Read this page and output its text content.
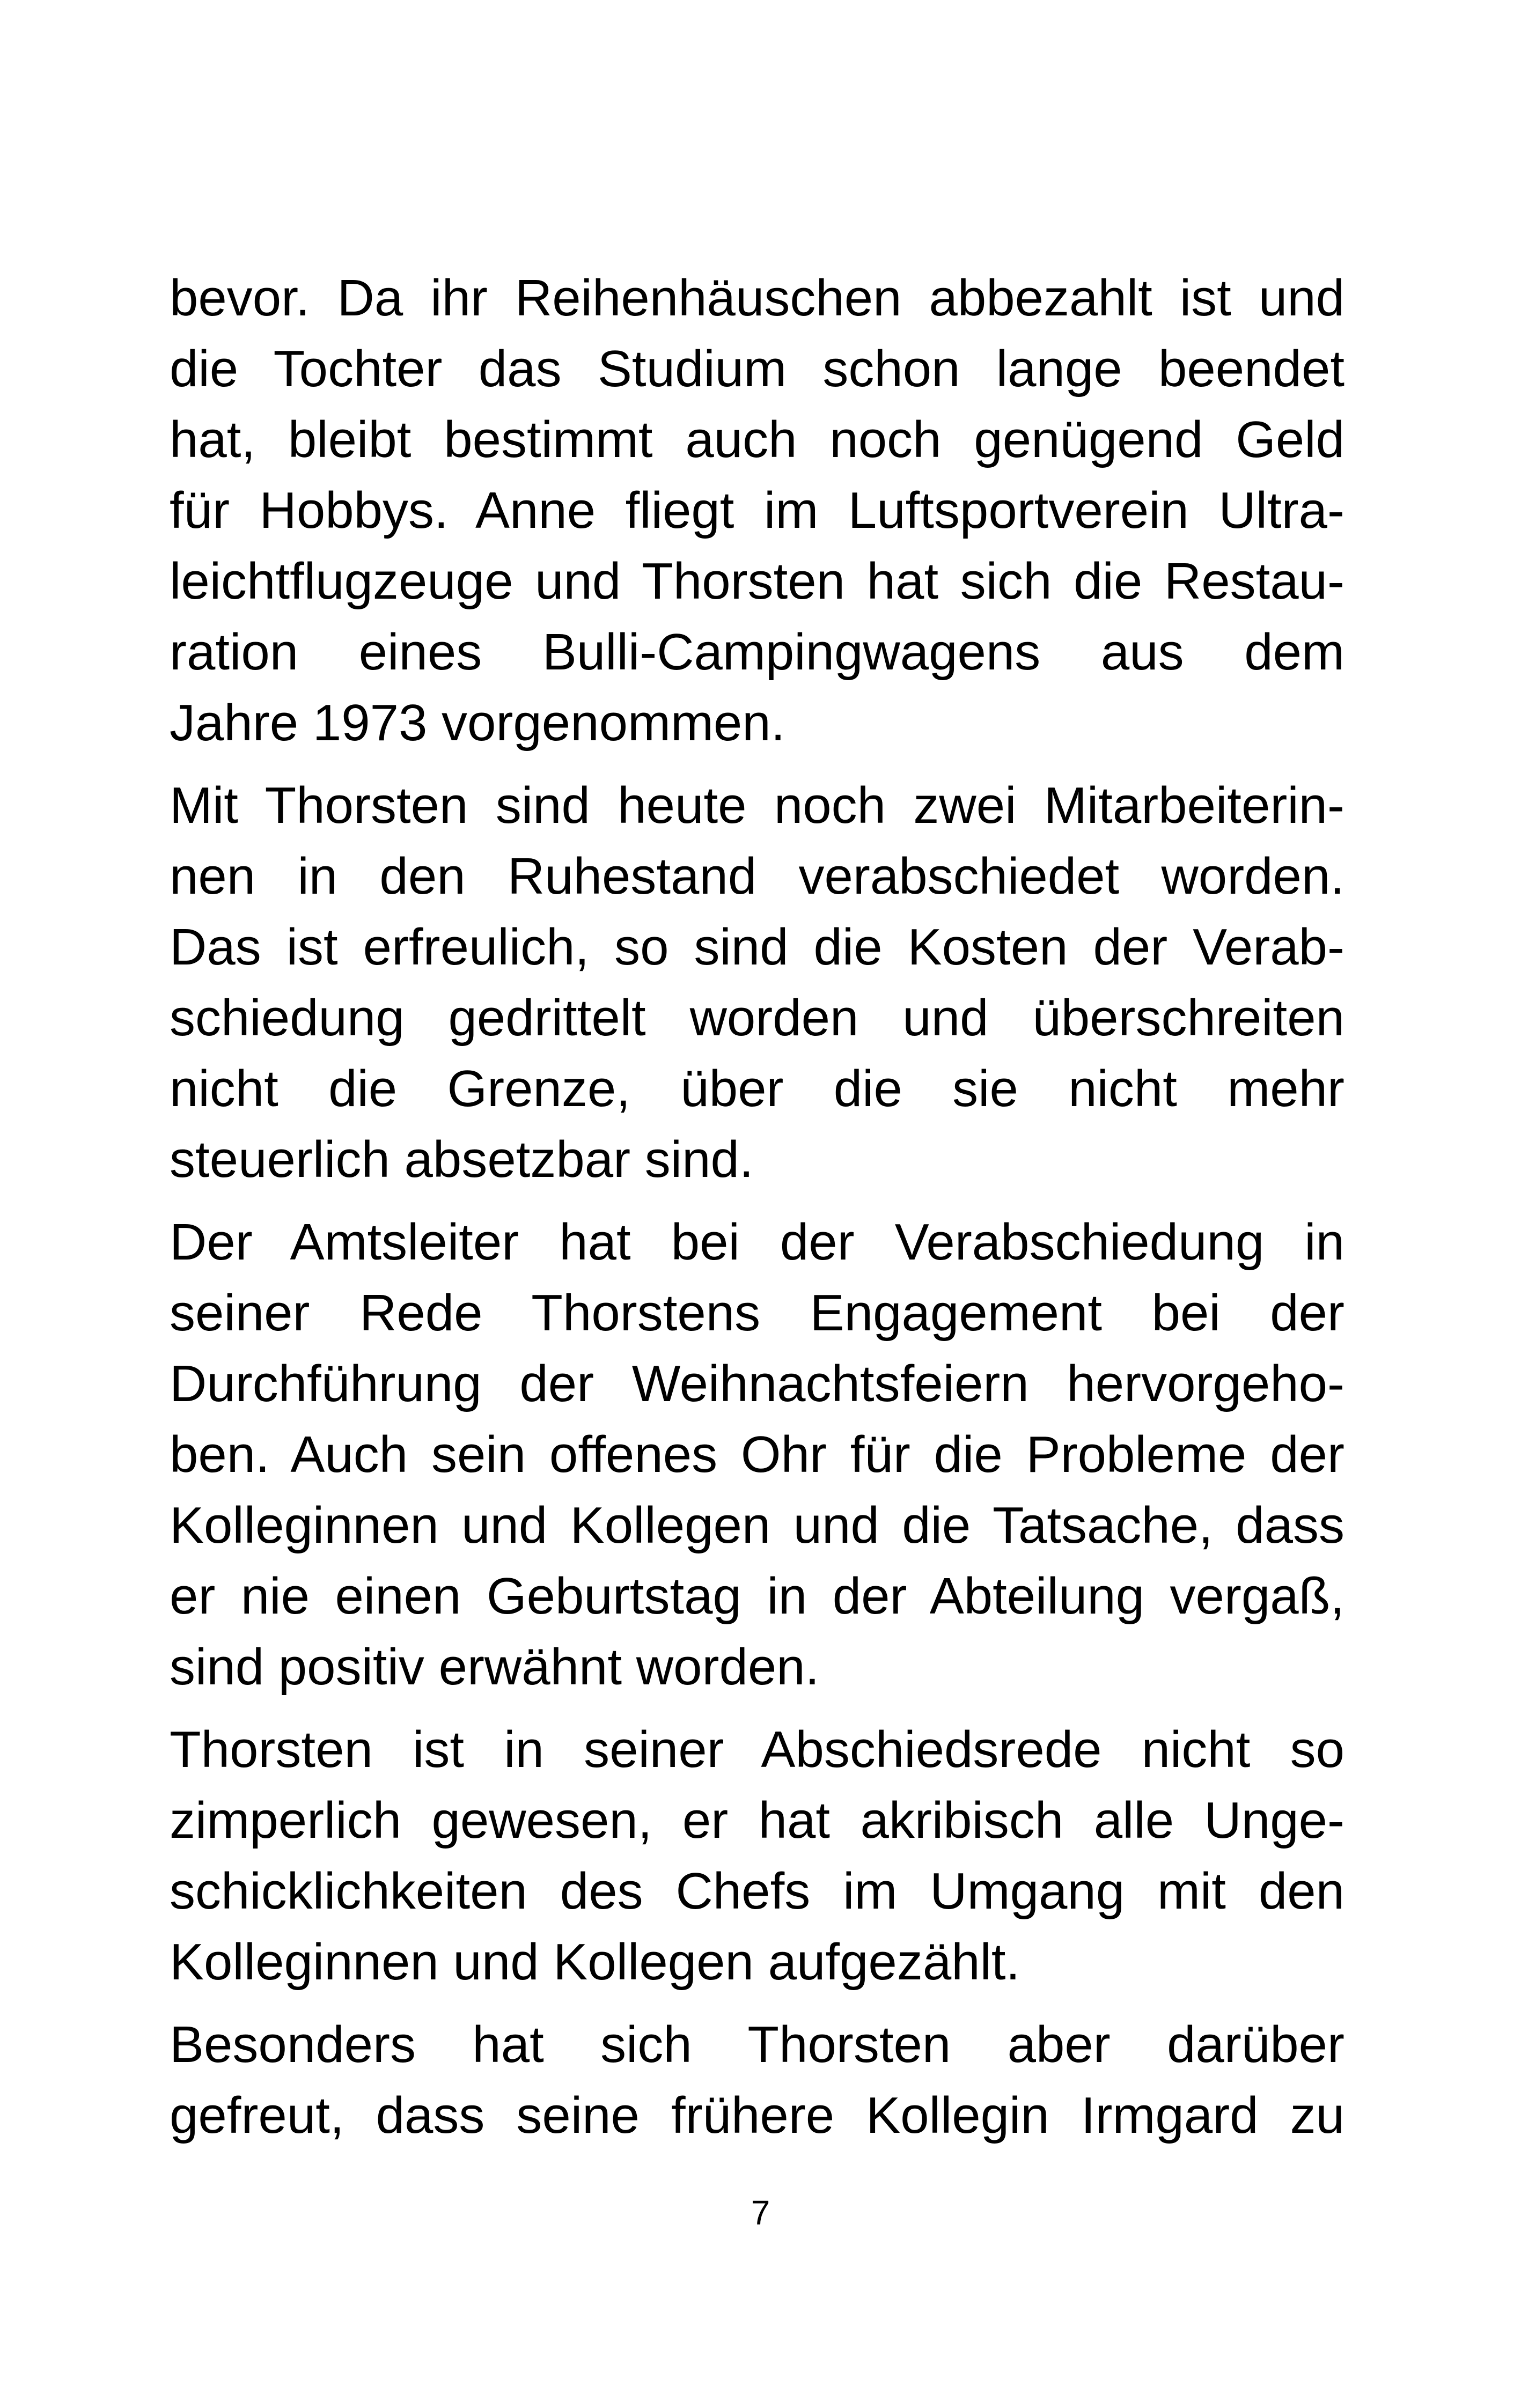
bevor. Da ihr Reihenhäuschen abbezahlt ist und
die Tochter das Studium schon lange beendet
hat, bleibt bestimmt auch noch genügend Geld
für Hobbys. Anne fliegt im Luftsportverein Ultra-
leichtflugzeuge und Thorsten hat sich die Restau-
ration eines Bulli-Campingwagens aus dem
Jahre 1973 vorgenommen.

Mit Thorsten sind heute noch zwei Mitarbeiterin-
nen in den Ruhestand verabschiedet worden.
Das ist erfreulich, so sind die Kosten der Verab-
schiedung gedrittelt worden und überschreiten
nicht die Grenze, über die sie nicht mehr
steuerlich absetzbar sind.

Der Amtsleiter hat bei der Verabschiedung in
seiner Rede Thorstens Engagement bei der
Durchführung der Weihnachtsfeiern hervorgeho-
ben. Auch sein offenes Ohr für die Probleme der
Kolleginnen und Kollegen und die Tatsache, dass
er nie einen Geburtstag in der Abteilung vergaß,
sind positiv erwähnt worden.

Thorsten ist in seiner Abschiedsrede nicht so
zimperlich gewesen, er hat akribisch alle Unge-
schicklichkeiten des Chefs im Umgang mit den
Kolleginnen und Kollegen aufgezählt.

Besonders hat sich Thorsten aber darüber
gefreut, dass seine frühere Kollegin Irmgard zu

7
